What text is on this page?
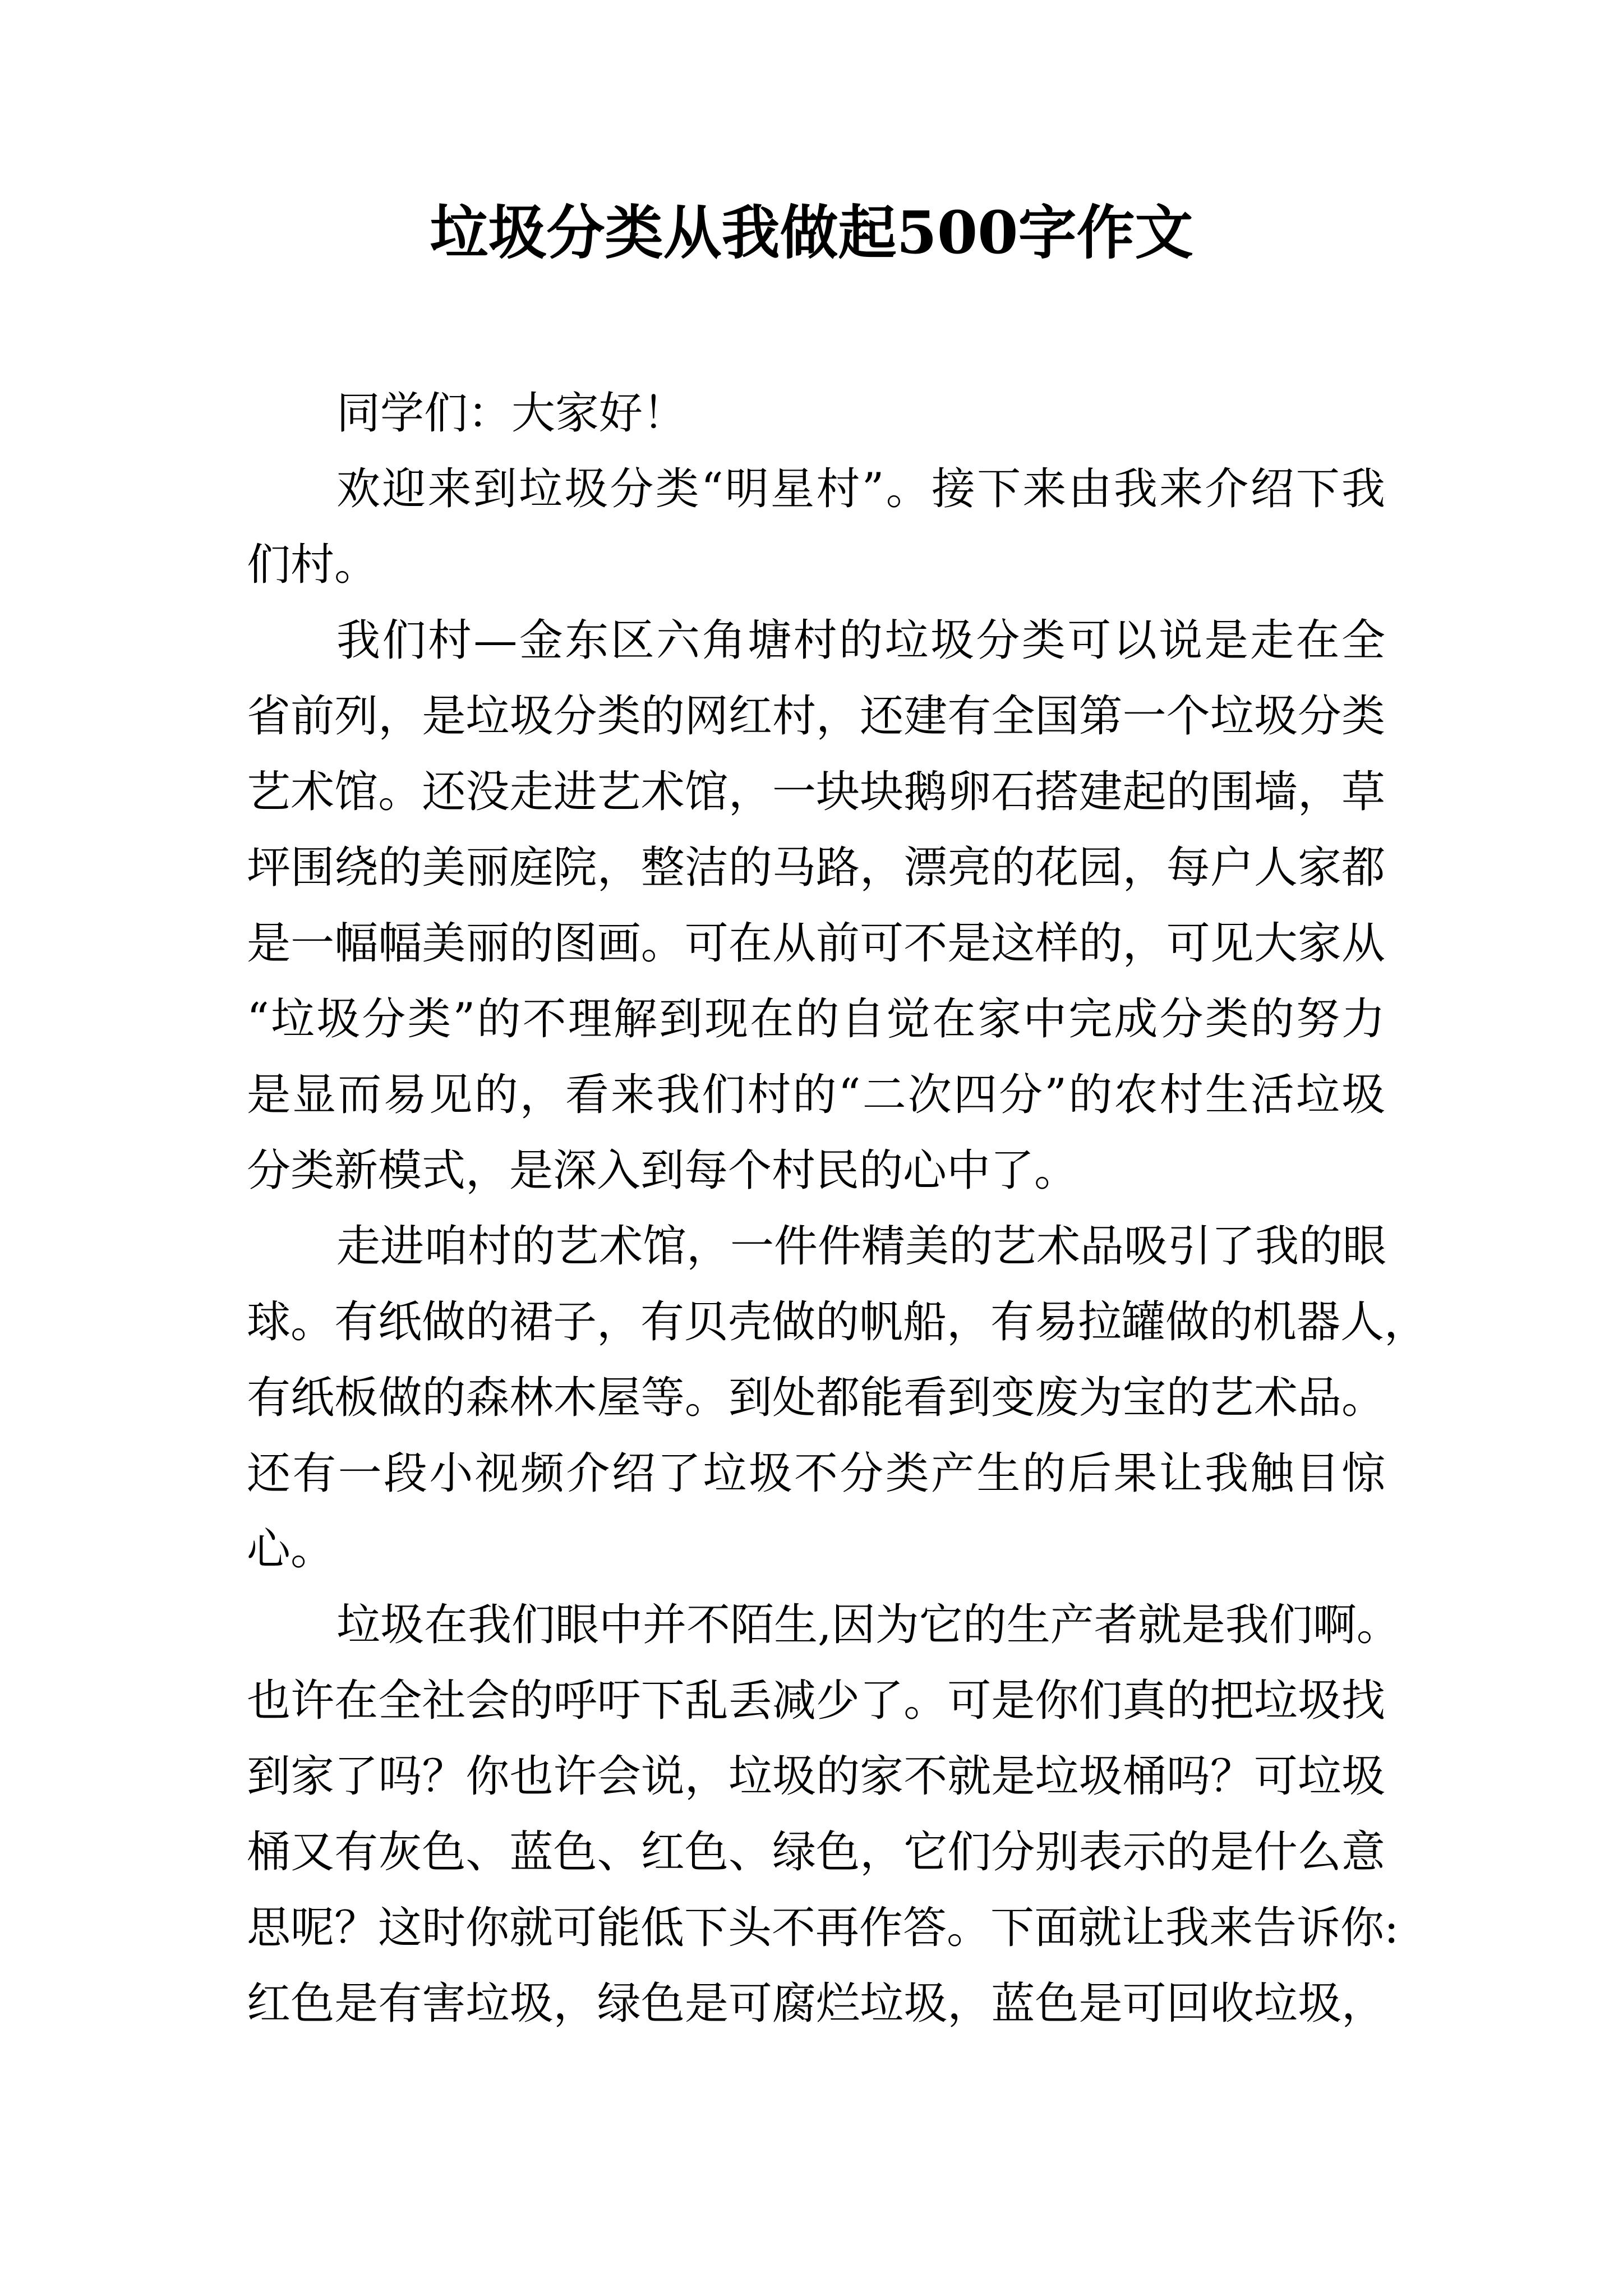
垃圾分类从我做起500字作文
同学们：大家好！
欢迎来到垃圾分类“明星村”。接下来由我来介绍下我
们村。
我们村—金东区六角塘村的垃圾分类可以说是走在全
省前列，是垃圾分类的网红村，还建有全国第一个垃圾分类
艺术馆。还没走进艺术馆，一块块鹅卵石搭建起的围墙，草
坪围绕的美丽庭院，整洁的马路，漂亮的花园，每户人家都
是一幅幅美丽的图画。可在从前可不是这样的，可见大家从
“垃圾分类”的不理解到现在的自觉在家中完成分类的努力
是显而易见的，看来我们村的“二次四分”的农村生活垃圾
分类新模式，是深入到每个村民的心中了。
走进咱村的艺术馆，一件件精美的艺术品吸引了我的眼
球。有纸做的裙子，有贝壳做的帆船，有易拉罐做的机器人，
有纸板做的森林木屋等。到处都能看到变废为宝的艺术品。
还有一段小视频介绍了垃圾不分类产生的后果让我触目惊
心。
垃圾在我们眼中并不陌生,因为它的生产者就是我们啊。
也许在全社会的呼吁下乱丢减少了。可是你们真的把垃圾找
到家了吗？你也许会说，垃圾的家不就是垃圾桶吗？可垃圾
桶又有灰色、蓝色、红色、绿色，它们分别表示的是什么意
思呢？这时你就可能低下头不再作答。下面就让我来告诉你:
红色是有害垃圾，绿色是可腐烂垃圾，蓝色是可回收垃圾，
